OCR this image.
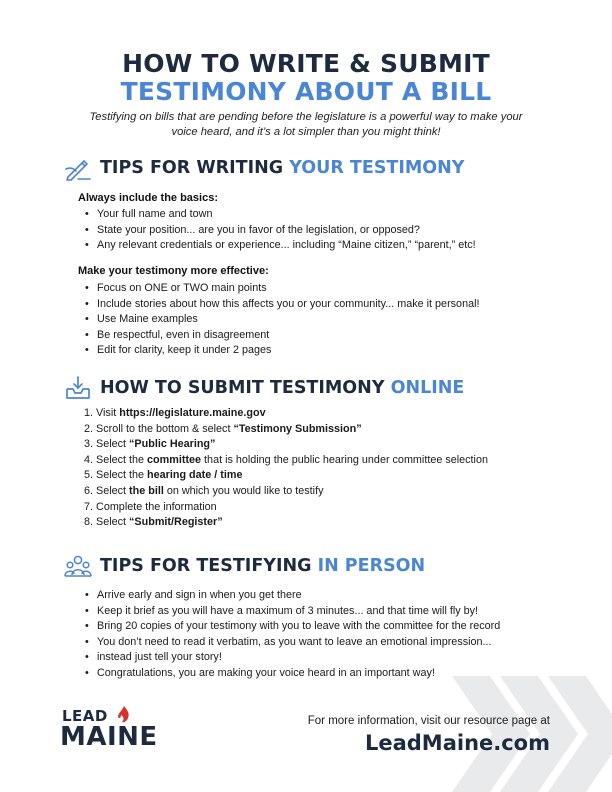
HOW TO WRITE & SUBMIT
TESTIMONY ABOUT A BILL
Testifying on bills that are pending before the legislature is a powerful way to make your
voice heard, and it’s a lot simpler than you might think!
TIPS FOR WRITING YOUR TESTIMONY
Always include the basics:
• Your full name and town
• State your position... are you in favor of the legislation, or opposed?
• Any relevant credentials or experience... including “Maine citizen,” “parent,” etc!
Make your testimony more effective:
• Focus on ONE or TWO main points
• Include stories about how this affects you or your community... make it personal!
• Use Maine examples
• Be respectful, even in disagreement
• Edit for clarity, keep it under 2 pages
HOW TO SUBMIT TESTIMONY ONLINE
1. Visit https://legislature.maine.gov
2. Scroll to the bottom & select “Testimony Submission”
3. Select “Public Hearing”
4. Select the committee that is holding the public hearing under committee selection
5. Select the hearing date / time
6. Select the bill on which you would like to testify
7. Complete the information
8. Select “Submit/Register”
TIPS FOR TESTIFYING IN PERSON
• Arrive early and sign in when you get there
• Keep it brief as you will have a maximum of 3 minutes... and that time will fly by!
• Bring 20 copies of your testimony with you to leave with the committee for the record
• You don’t need to read it verbatim, as you want to leave an emotional impression...
• instead just tell your story!
• Congratulations, you are making your voice heard in an important way!
LEAD
MAINE
For more information, visit our resource page at
LeadMaine.com
